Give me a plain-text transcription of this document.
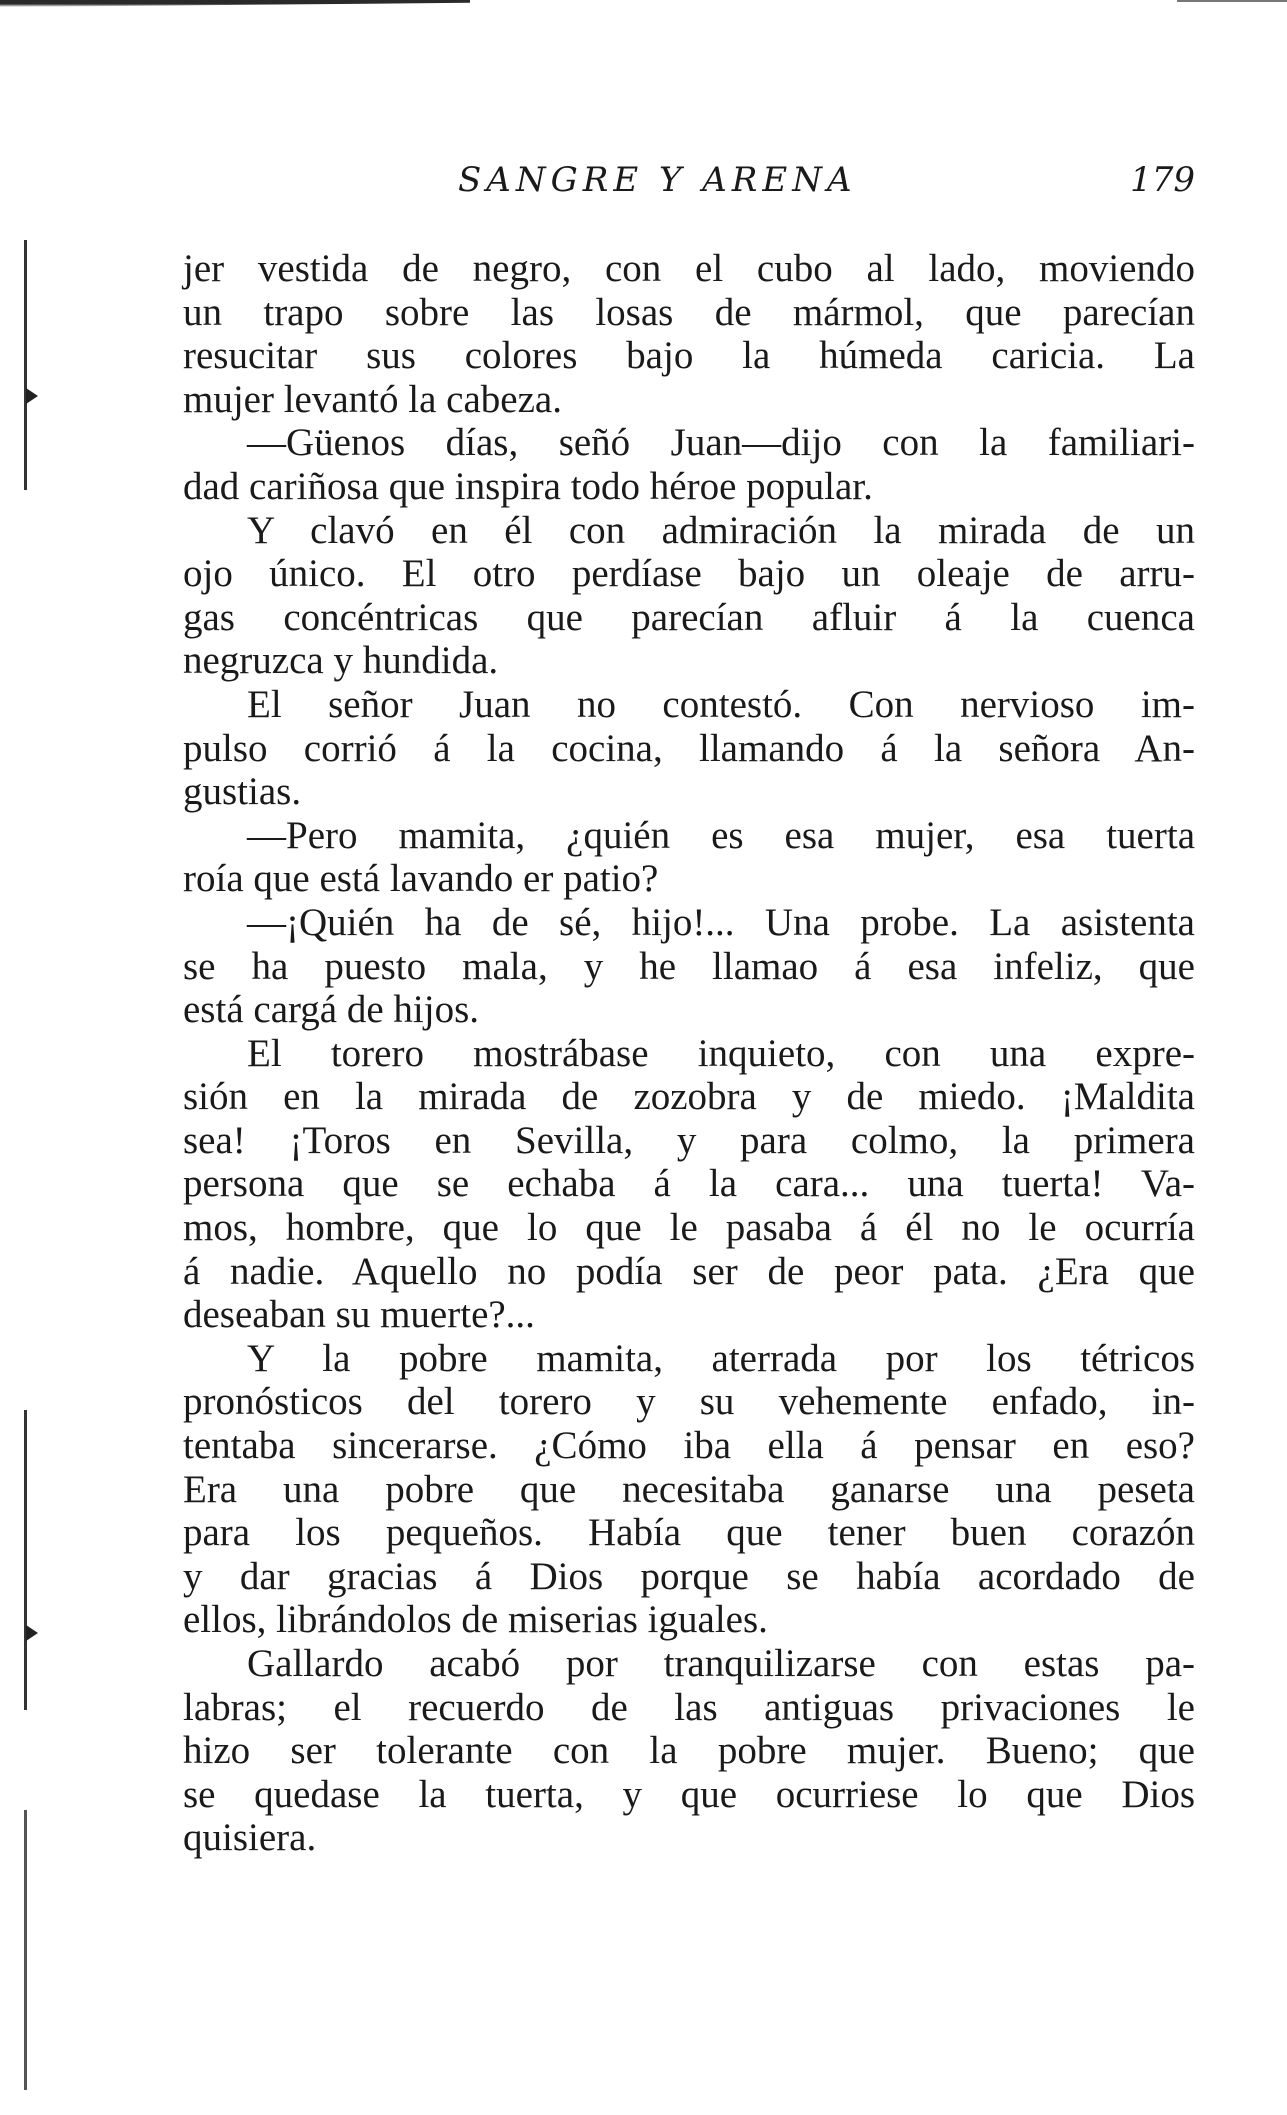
SANGRE Y ARENA	179
jer vestida de negro, con el cubo al lado, moviendo
un trapo sobre las losas de mármol, que parecían
resucitar sus colores bajo la húmeda caricia. La
mujer levantó la cabeza.
—Güenos días, señó Juan—dijo con la familiari-
dad cariñosa que inspira todo héroe popular.
Y clavó en él con admiración la mirada de un
ojo único. El otro perdíase bajo un oleaje de arru-
gas concéntricas que parecían afluir á la cuenca
negruzca y hundida.
El señor Juan no contestó. Con nervioso im-
pulso corrió á la cocina, llamando á la señora An-
gustias.
—Pero mamita, ¿quién es esa mujer, esa tuerta
roía que está lavando er patio?
—¡Quién ha de sé, hijo!... Una probe. La asistenta
se ha puesto mala, y he llamao á esa infeliz, que
está cargá de hijos.
El torero mostrábase inquieto, con una expre-
sión en la mirada de zozobra y de miedo. ¡Maldita
sea! ¡Toros en Sevilla, y para colmo, la primera
persona que se echaba á la cara... una tuerta! Va-
mos, hombre, que lo que le pasaba á él no le ocurría
á nadie. Aquello no podía ser de peor pata. ¿Era que
deseaban su muerte?...
Y la pobre mamita, aterrada por los tétricos
pronósticos del torero y su vehemente enfado, in-
tentaba sincerarse. ¿Cómo iba ella á pensar en eso?
Era una pobre que necesitaba ganarse una peseta
para los pequeños. Había que tener buen corazón
y dar gracias á Dios porque se había acordado de
ellos, librándolos de miserias iguales.
Gallardo acabó por tranquilizarse con estas pa-
labras; el recuerdo de las antiguas privaciones le
hizo ser tolerante con la pobre mujer. Bueno; que
se quedase la tuerta, y que ocurriese lo que Dios
quisiera.
